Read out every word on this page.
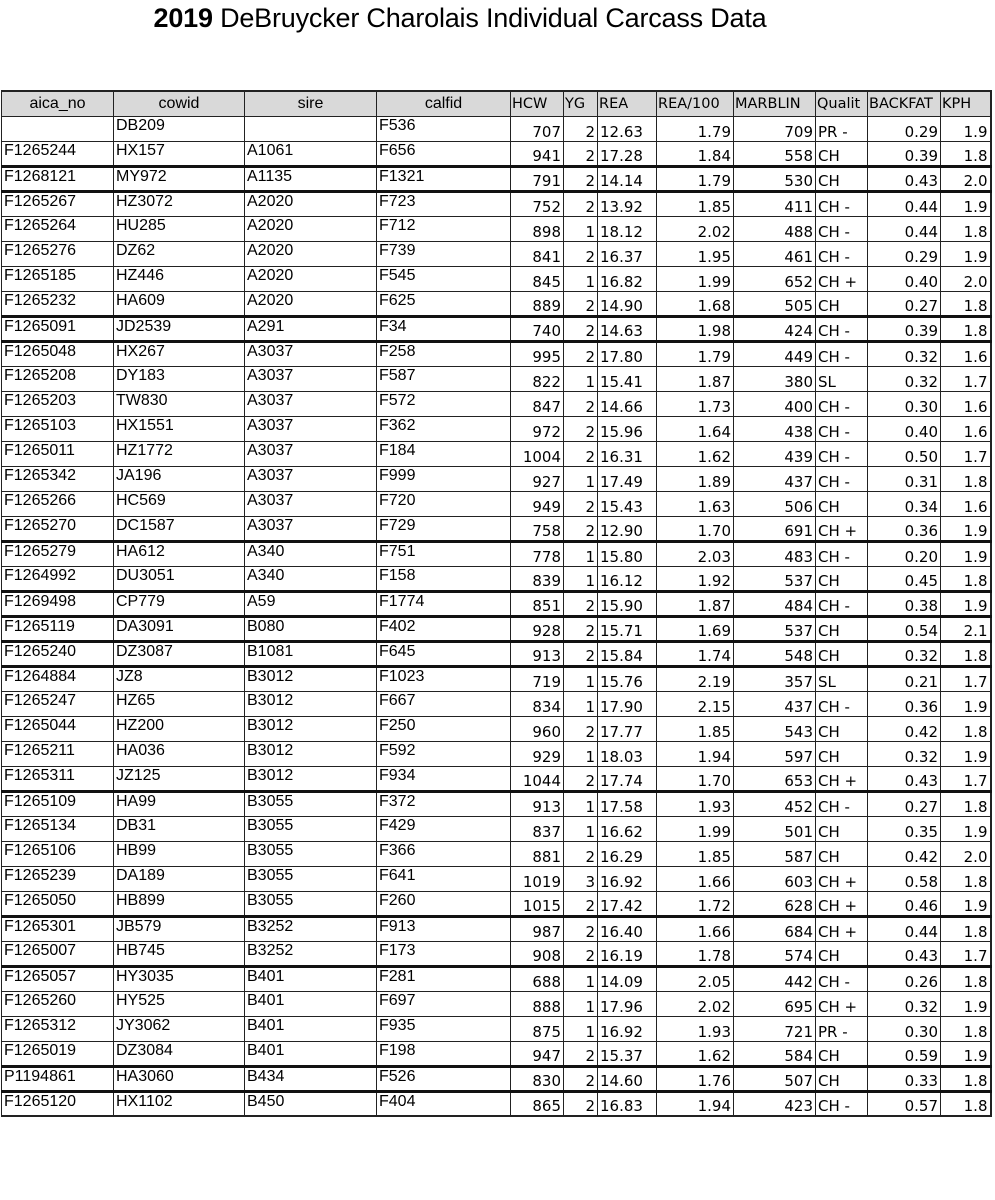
2019 DeBruycker Charolais Individual Carcass Data
aica_no	cowid	sire	calfid	HCW	YG	REA	REA/100	MARBLIN	Qualit	BACKFAT	KPH
	DB209		F536	707	2	12.63	1.79	709	PR -	0.29	1.9
F1265244	HX157	A1061	F656	941	2	17.28	1.84	558	CH	0.39	1.8
F1268121	MY972	A1135	F1321	791	2	14.14	1.79	530	CH	0.43	2.0
F1265267	HZ3072	A2020	F723	752	2	13.92	1.85	411	CH -	0.44	1.9
F1265264	HU285	A2020	F712	898	1	18.12	2.02	488	CH -	0.44	1.8
F1265276	DZ62	A2020	F739	841	2	16.37	1.95	461	CH -	0.29	1.9
F1265185	HZ446	A2020	F545	845	1	16.82	1.99	652	CH +	0.40	2.0
F1265232	HA609	A2020	F625	889	2	14.90	1.68	505	CH	0.27	1.8
F1265091	JD2539	A291	F34	740	2	14.63	1.98	424	CH -	0.39	1.8
F1265048	HX267	A3037	F258	995	2	17.80	1.79	449	CH -	0.32	1.6
F1265208	DY183	A3037	F587	822	1	15.41	1.87	380	SL	0.32	1.7
F1265203	TW830	A3037	F572	847	2	14.66	1.73	400	CH -	0.30	1.6
F1265103	HX1551	A3037	F362	972	2	15.96	1.64	438	CH -	0.40	1.6
F1265011	HZ1772	A3037	F184	1004	2	16.31	1.62	439	CH -	0.50	1.7
F1265342	JA196	A3037	F999	927	1	17.49	1.89	437	CH -	0.31	1.8
F1265266	HC569	A3037	F720	949	2	15.43	1.63	506	CH	0.34	1.6
F1265270	DC1587	A3037	F729	758	2	12.90	1.70	691	CH +	0.36	1.9
F1265279	HA612	A340	F751	778	1	15.80	2.03	483	CH -	0.20	1.9
F1264992	DU3051	A340	F158	839	1	16.12	1.92	537	CH	0.45	1.8
F1269498	CP779	A59	F1774	851	2	15.90	1.87	484	CH -	0.38	1.9
F1265119	DA3091	B080	F402	928	2	15.71	1.69	537	CH	0.54	2.1
F1265240	DZ3087	B1081	F645	913	2	15.84	1.74	548	CH	0.32	1.8
F1264884	JZ8	B3012	F1023	719	1	15.76	2.19	357	SL	0.21	1.7
F1265247	HZ65	B3012	F667	834	1	17.90	2.15	437	CH -	0.36	1.9
F1265044	HZ200	B3012	F250	960	2	17.77	1.85	543	CH	0.42	1.8
F1265211	HA036	B3012	F592	929	1	18.03	1.94	597	CH	0.32	1.9
F1265311	JZ125	B3012	F934	1044	2	17.74	1.70	653	CH +	0.43	1.7
F1265109	HA99	B3055	F372	913	1	17.58	1.93	452	CH -	0.27	1.8
F1265134	DB31	B3055	F429	837	1	16.62	1.99	501	CH	0.35	1.9
F1265106	HB99	B3055	F366	881	2	16.29	1.85	587	CH	0.42	2.0
F1265239	DA189	B3055	F641	1019	3	16.92	1.66	603	CH +	0.58	1.8
F1265050	HB899	B3055	F260	1015	2	17.42	1.72	628	CH +	0.46	1.9
F1265301	JB579	B3252	F913	987	2	16.40	1.66	684	CH +	0.44	1.8
F1265007	HB745	B3252	F173	908	2	16.19	1.78	574	CH	0.43	1.7
F1265057	HY3035	B401	F281	688	1	14.09	2.05	442	CH -	0.26	1.8
F1265260	HY525	B401	F697	888	1	17.96	2.02	695	CH +	0.32	1.9
F1265312	JY3062	B401	F935	875	1	16.92	1.93	721	PR -	0.30	1.8
F1265019	DZ3084	B401	F198	947	2	15.37	1.62	584	CH	0.59	1.9
P1194861	HA3060	B434	F526	830	2	14.60	1.76	507	CH	0.33	1.8
F1265120	HX1102	B450	F404	865	2	16.83	1.94	423	CH -	0.57	1.8
